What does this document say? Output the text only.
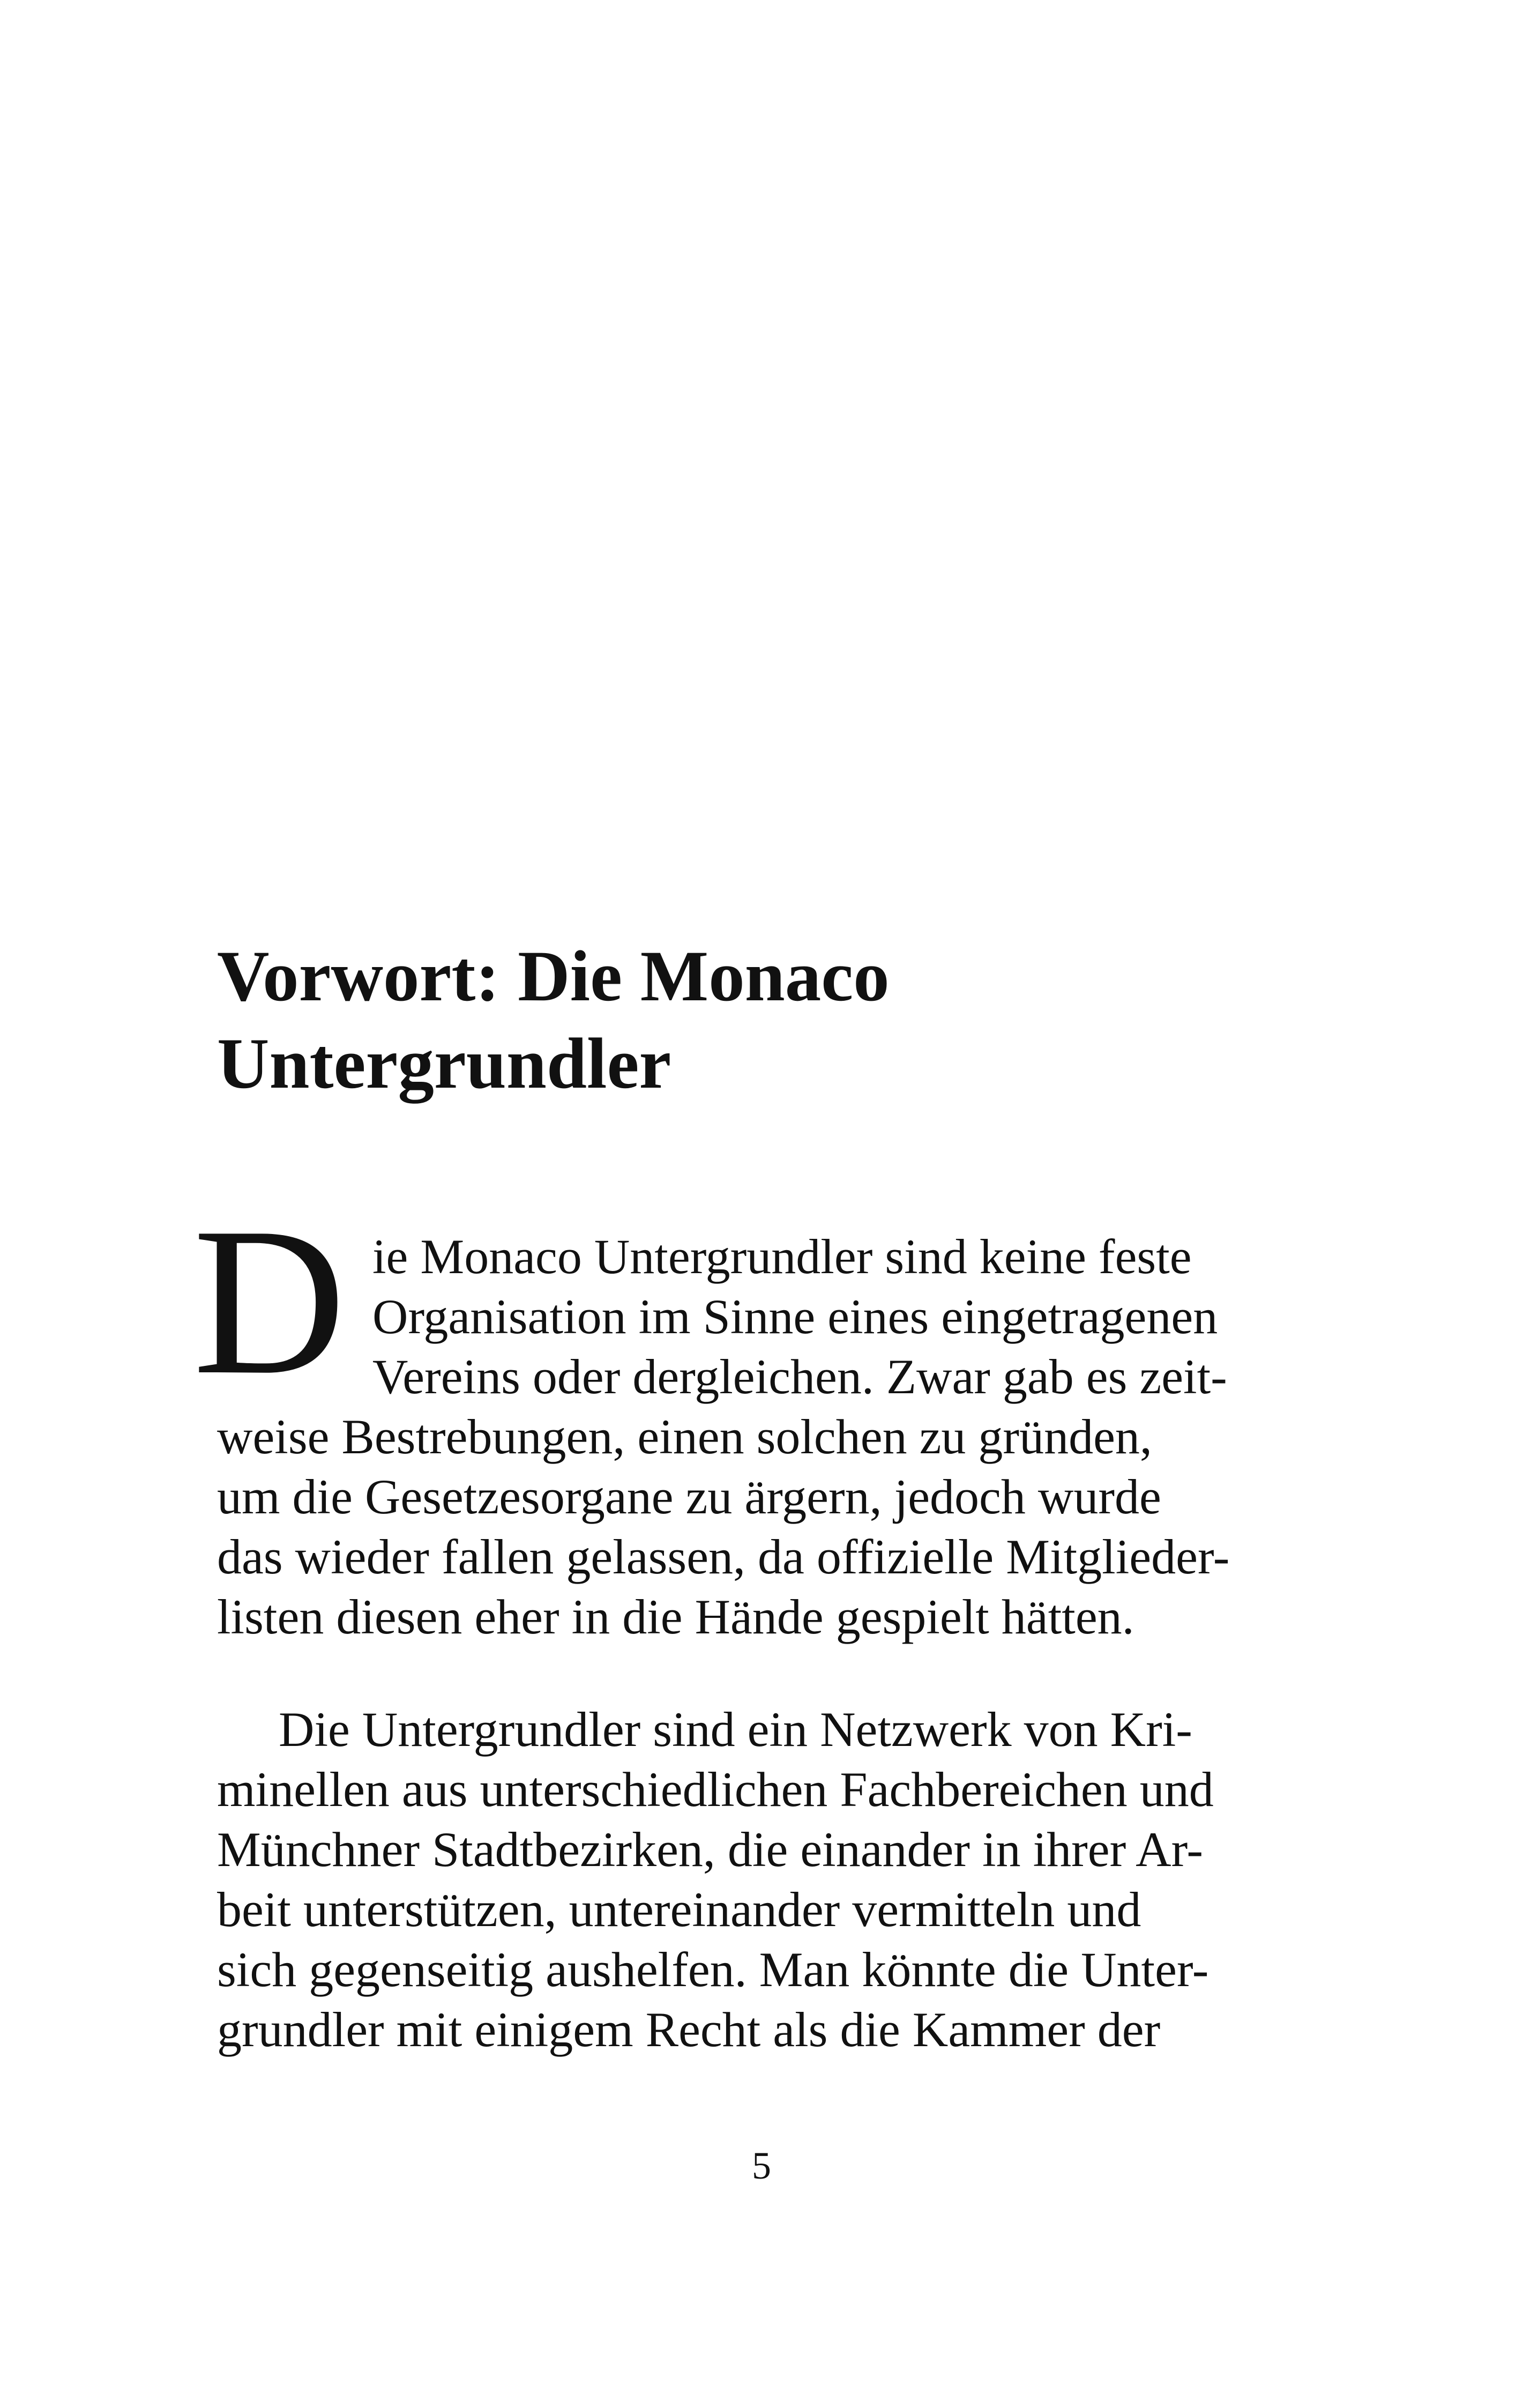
Vorwort: Die Monaco
Untergrundler
D ie Monaco Untergrundler sind keine feste
Organisation im Sinne eines eingetragenen
Vereins oder dergleichen. Zwar gab es zeit-
weise Bestrebungen, einen solchen zu gründen,
um die Gesetzesorgane zu ärgern, jedoch wurde
das wieder fallen gelassen, da offizielle Mitglieder-
listen diesen eher in die Hände gespielt hätten.
Die Untergrundler sind ein Netzwerk von Kri-
minellen aus unterschiedlichen Fachbereichen und
Münchner Stadtbezirken, die einander in ihrer Ar-
beit unterstützen, untereinander vermitteln und
sich gegenseitig aushelfen. Man könnte die Unter-
grundler mit einigem Recht als die Kammer der
5
